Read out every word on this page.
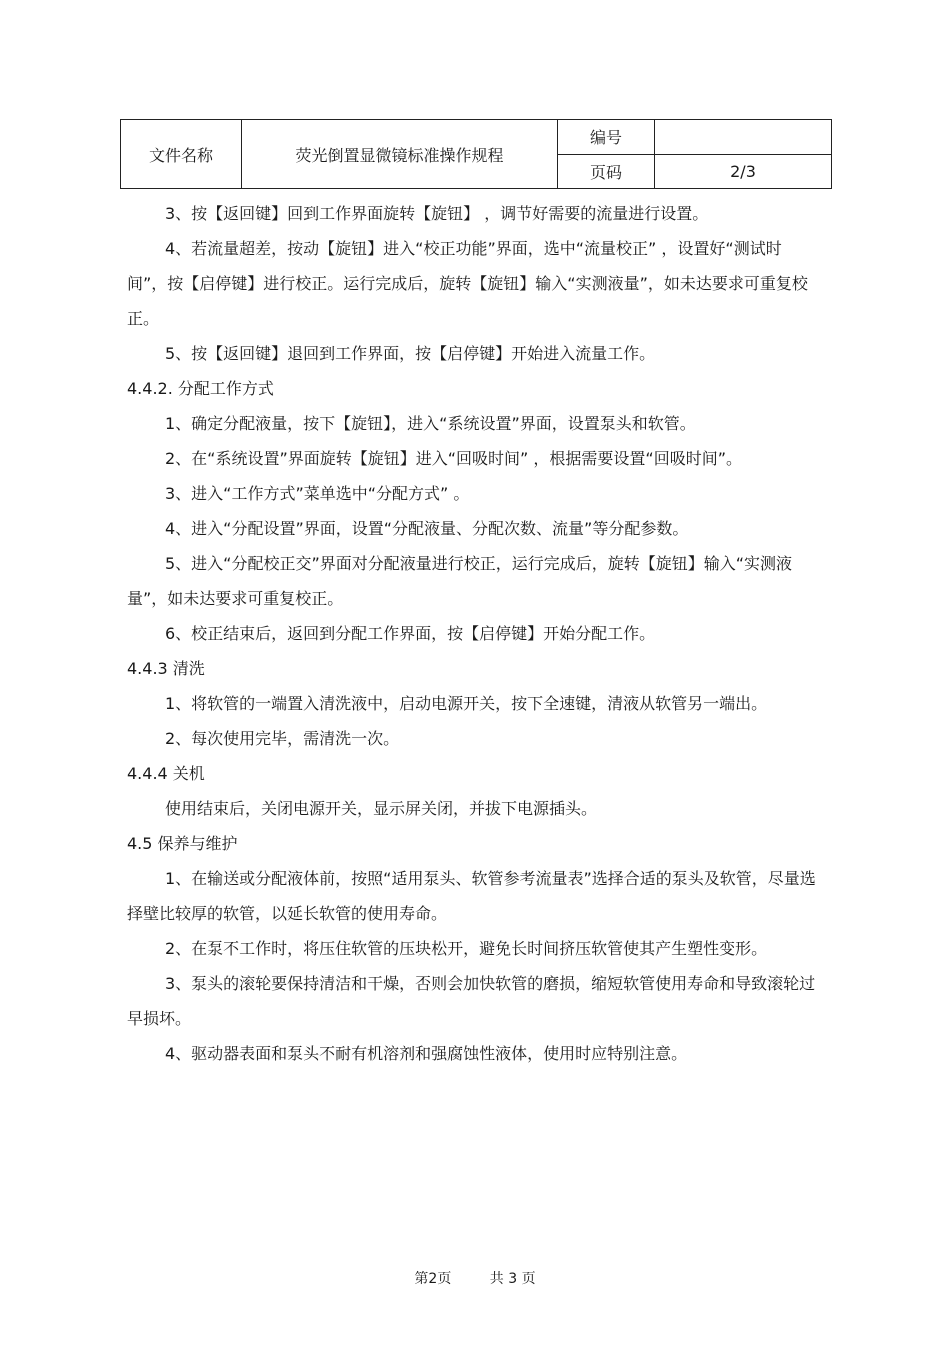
文件名称	荧光倒置显微镜标准操作规程	编号	
		页码	2/3

3、按【返回键】回到工作界面旋转【旋钮】 ，调节好需要的流量进行设置。

4、若流量超差，按动【旋钮】进入“校正功能”界面，选中“流量校正” ，设置好“测试时间”，按【启停键】进行校正。运行完成后，旋转【旋钮】输入“实测液量”，如未达要求可重复校正。

5、按【返回键】退回到工作界面，按【启停键】开始进入流量工作。

4.4.2. 分配工作方式

1、确定分配液量，按下【旋钮】，进入“系统设置”界面，设置泵头和软管。

2、在“系统设置”界面旋转【旋钮】进入“回吸时间” ，根据需要设置“回吸时间”。

3、进入“工作方式”菜单选中“分配方式” 。

4、进入“分配设置”界面，设置“分配液量、分配次数、流量”等分配参数。

5、进入“分配校正交”界面对分配液量进行校正，运行完成后，旋转【旋钮】输入“实测液量”，如未达要求可重复校正。

6、校正结束后，返回到分配工作界面，按【启停键】开始分配工作。

4.4.3 清洗

1、将软管的一端置入清洗液中，启动电源开关，按下全速键，清液从软管另一端出。

2、每次使用完毕，需清洗一次。

4.4.4 关机

使用结束后，关闭电源开关，显示屏关闭，并拔下电源插头。

4.5 保养与维护

1、在输送或分配液体前，按照“适用泵头、软管参考流量表”选择合适的泵头及软管，尽量选择壁比较厚的软管，以延长软管的使用寿命。

2、在泵不工作时，将压住软管的压块松开，避免长时间挤压软管使其产生塑性变形。

3、泵头的滚轮要保持清洁和干燥，否则会加快软管的磨损，缩短软管使用寿命和导致滚轮过早损坏。

4、驱动器表面和泵头不耐有机溶剂和强腐蚀性液体，使用时应特别注意。

第2页	共 3 页
